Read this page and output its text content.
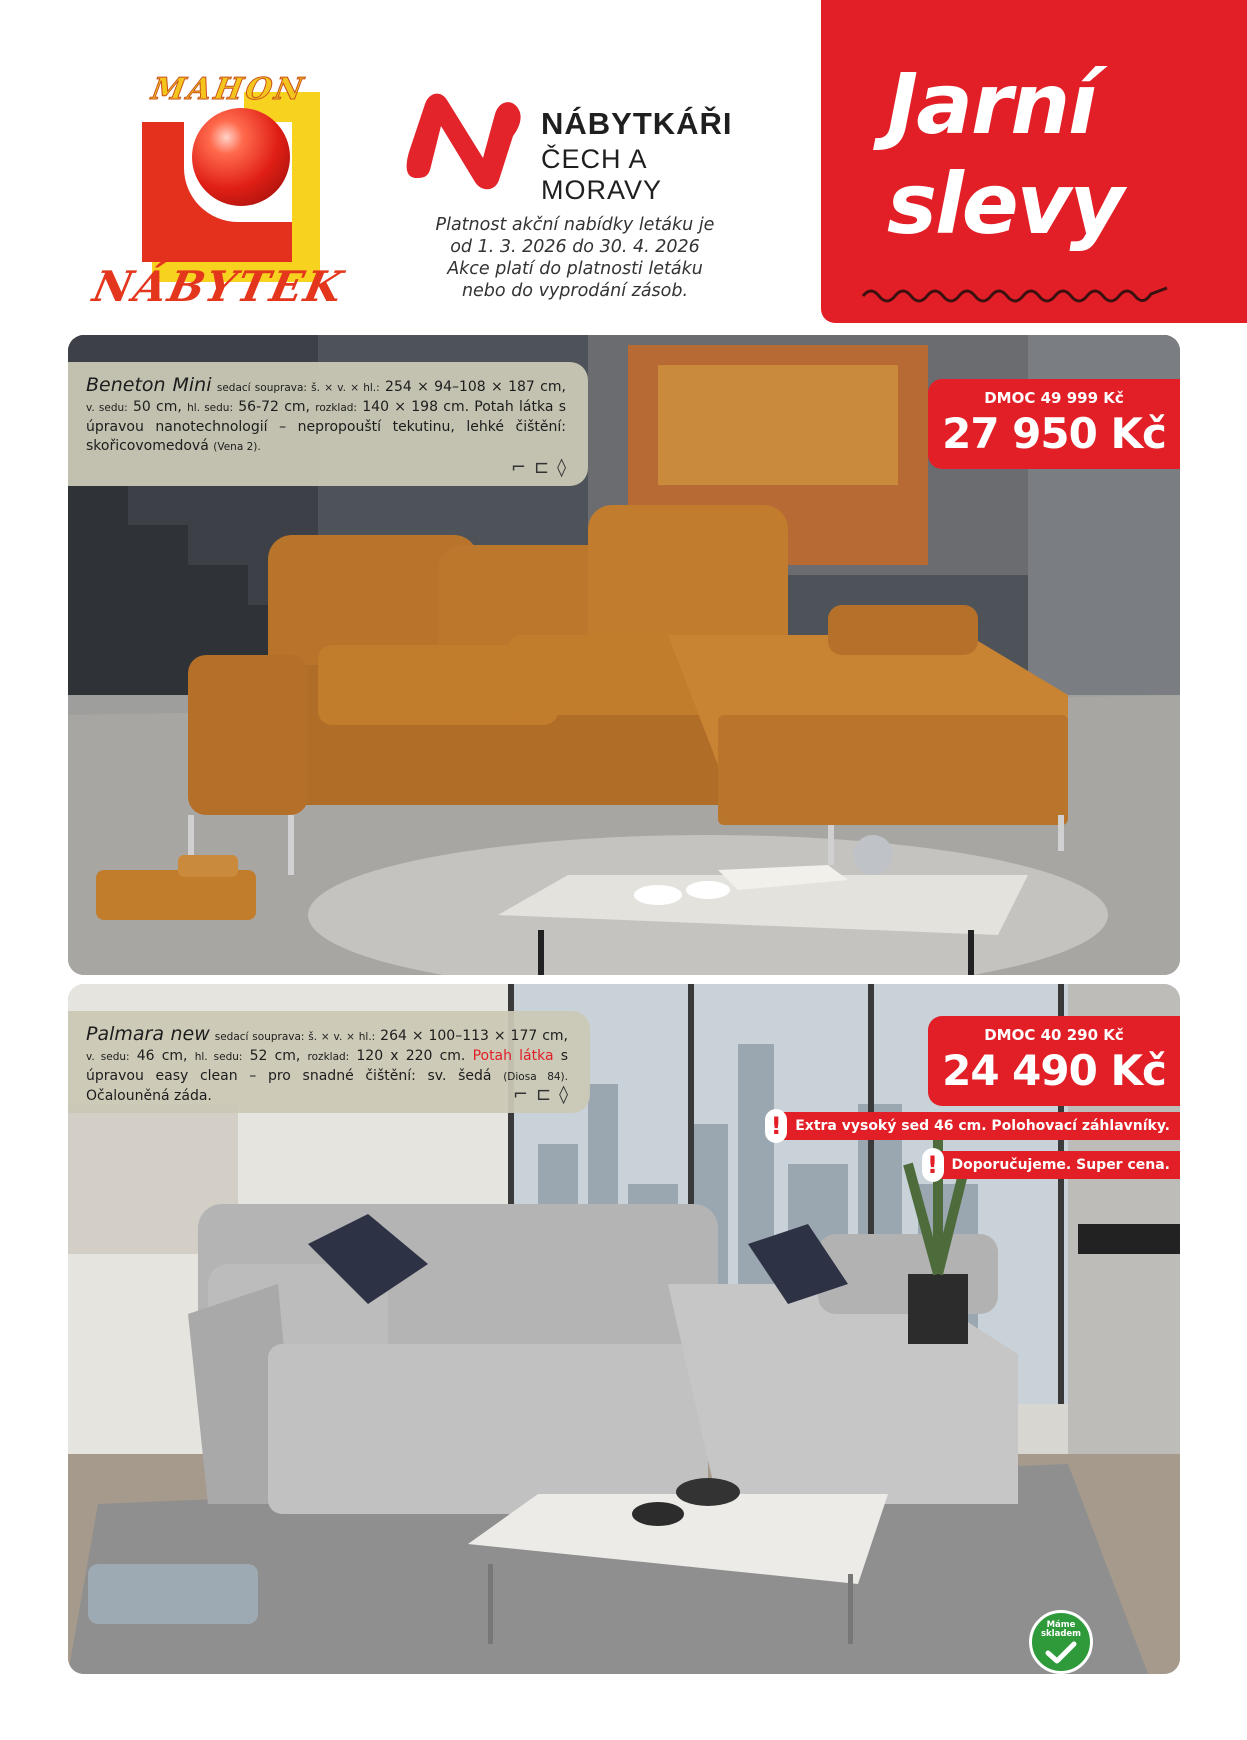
MAHON
NÁBYTEK
NÁBYTKÁŘI
ČECH A MORAVY
Platnost akční nabídky letáku je
od 1. 3. 2026 do 30. 4. 2026
Akce platí do platnosti letáku
nebo do vyprodání zásob.
Jarní
slevy
Beneton Mini sedací souprava: š. × v. × hl.: 254 × 94–108 × 187 cm, v. sedu: 50 cm, hl. sedu: 56-72 cm, rozklad: 140 × 198 cm. Potah látka s úpravou nanotechnologií – nepropouští tekutinu, lehké čištění: skořicovomedová (Vena 2).
⌐ ⊏ ◊
DMOC 49 999 Kč
27 950 Kč
Palmara new sedací souprava: š. × v. × hl.: 264 × 100–113 × 177 cm, v. sedu: 46 cm, hl. sedu: 52 cm, rozklad: 120 x 220 cm. Potah látka s úpravou easy clean – pro snadné čištění: sv. šedá (Diosa 84). Očalouněná záda.	⌐ ⊏ ◊
DMOC 40 290 Kč
24 490 Kč
! Extra vysoký sed 46 cm. Polohovací záhlavníky.
! Doporučujeme. Super cena.
Máme
skladem
